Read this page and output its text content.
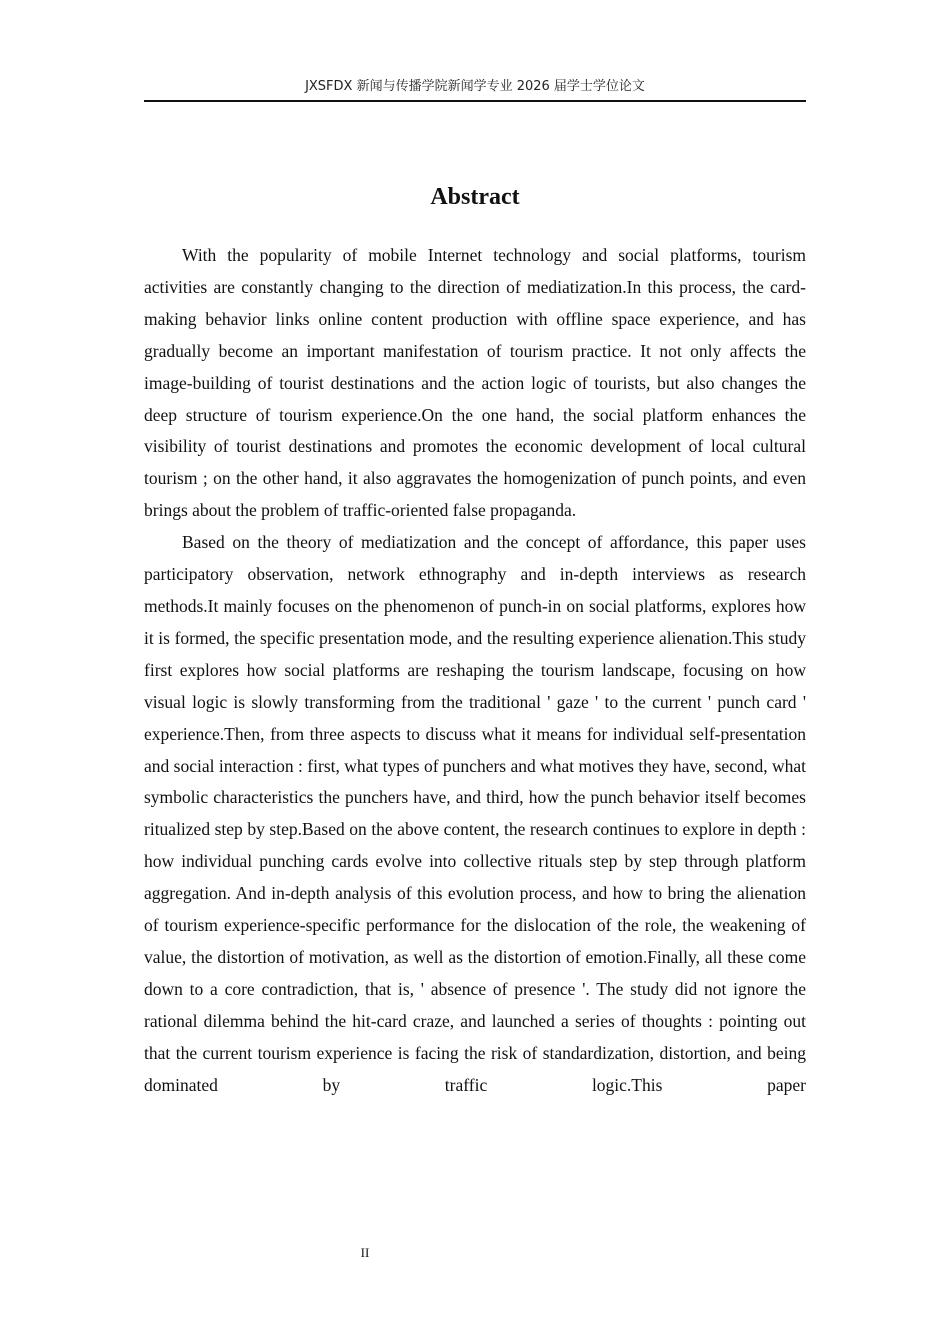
JXSFDX 新闻与传播学院新闻学专业 2026 届学士学位论文
Abstract

With the popularity of mobile Internet technology and social platforms, tourism activities are constantly changing to the direction of mediatization.In this process, the card-making behavior links online content production with offline space experience, and has gradually become an important manifestation of tourism practice. It not only affects the image-building of tourist destinations and the action logic of tourists, but also changes the deep structure of tourism experience.On the one hand, the social platform enhances the visibility of tourist destinations and promotes the economic development of local cultural tourism ; on the other hand, it also aggravates the homogenization of punch points, and even brings about the problem of traffic-oriented false propaganda.

Based on the theory of mediatization and the concept of affordance, this paper uses participatory observation, network ethnography and in-depth interviews as research methods.It mainly focuses on the phenomenon of punch-in on social platforms, explores how it is formed, the specific presentation mode, and the resulting experience alienation.This study first explores how social platforms are reshaping the tourism landscape, focusing on how visual logic is slowly transforming from the traditional ' gaze ' to the current ' punch card ' experience.Then, from three aspects to discuss what it means for individual self-presentation and social interaction : first, what types of punchers and what motives they have, second, what symbolic characteristics the punchers have, and third, how the punch behavior itself becomes ritualized step by step.Based on the above content, the research continues to explore in depth : how individual punching cards evolve into collective rituals step by step through platform aggregation. And in-depth analysis of this evolution process, and how to bring the alienation of tourism experience-specific performance for the dislocation of the role, the weakening of value, the distortion of motivation, as well as the distortion of emotion.Finally, all these come down to a core contradiction, that is, ' absence of presence '. The study did not ignore the rational dilemma behind the hit-card craze, and launched a series of thoughts : pointing out that the current tourism experience is facing the risk of standardization, distortion, and being dominated by traffic logic.This paper

II
